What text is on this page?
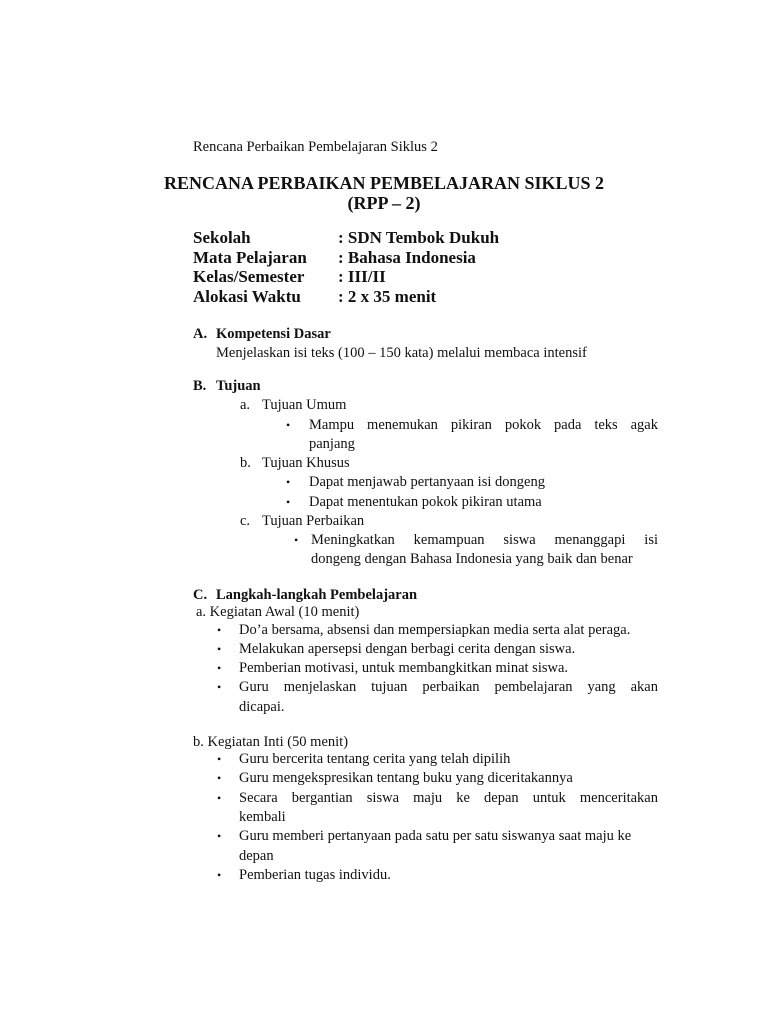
Rencana Perbaikan Pembelajaran Siklus 2
RENCANA PERBAIKAN PEMBELAJARAN SIKLUS 2
(RPP – 2)
Sekolah	: SDN Tembok Dukuh
Mata Pelajaran : Bahasa Indonesia
Kelas/Semester : III/II
Alokasi Waktu : 2 x 35 menit
A. Kompetensi Dasar
Menjelaskan isi teks (100 – 150 kata) melalui membaca intensif
B. Tujuan
a. Tujuan Umum
• Mampu menemukan pikiran pokok pada teks agak
panjang
b. Tujuan Khusus
• Dapat menjawab pertanyaan isi dongeng
• Dapat menentukan pokok pikiran utama
c. Tujuan Perbaikan
• Meningkatkan kemampuan siswa menanggapi isi
dongeng dengan Bahasa Indonesia yang baik dan benar
C. Langkah-langkah Pembelajaran
a. Kegiatan Awal (10 menit)
• Do’a bersama, absensi dan mempersiapkan media serta alat peraga.
• Melakukan apersepsi dengan berbagi cerita dengan siswa.
• Pemberian motivasi, untuk membangkitkan minat siswa.
• Guru menjelaskan tujuan perbaikan pembelajaran yang akan
dicapai.
b. Kegiatan Inti (50 menit)
• Guru bercerita tentang cerita yang telah dipilih
• Guru mengekspresikan tentang buku yang diceritakannya
• Secara bergantian siswa maju ke depan untuk menceritakan
kembali
• Guru memberi pertanyaan pada satu per satu siswanya saat maju ke
depan
• Pemberian tugas individu.
